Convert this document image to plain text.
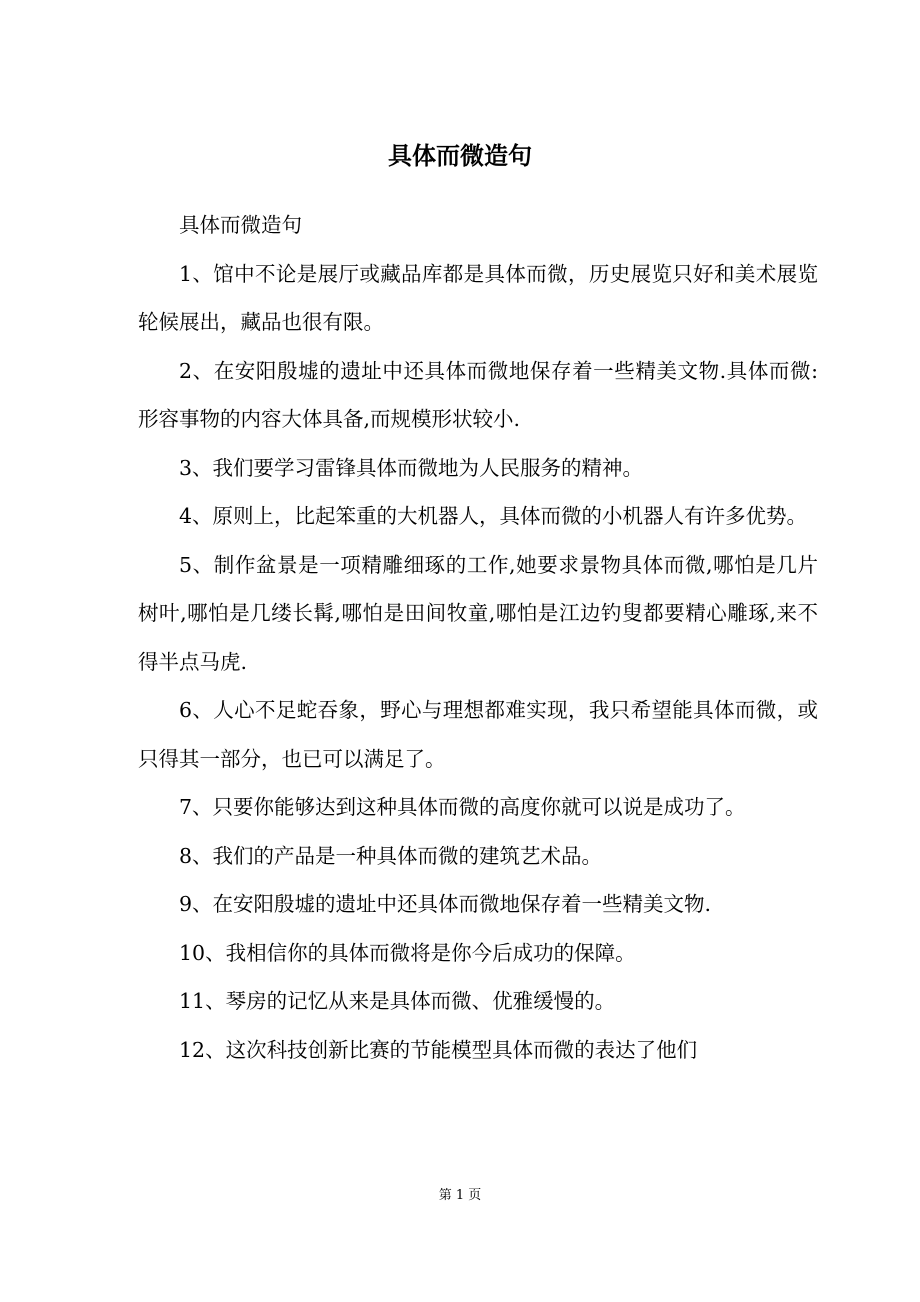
具体而微造句

具体而微造句

1、馆中不论是展厅或藏品库都是具体而微，历史展览只好和美术展览轮候展出，藏品也很有限。

2、在安阳殷墟的遗址中还具体而微地保存着一些精美文物.具体而微:形容事物的内容大体具备,而规模形状较小.

3、我们要学习雷锋具体而微地为人民服务的精神。

4、原则上，比起笨重的大机器人，具体而微的小机器人有许多优势。

5、制作盆景是一项精雕细琢的工作,她要求景物具体而微,哪怕是几片树叶,哪怕是几缕长髯,哪怕是田间牧童,哪怕是江边钓叟都要精心雕琢,来不得半点马虎.

6、人心不足蛇吞象，野心与理想都难实现，我只希望能具体而微，或只得其一部分，也已可以满足了。

7、只要你能够达到这种具体而微的高度你就可以说是成功了。

8、我们的产品是一种具体而微的建筑艺术品。

9、在安阳殷墟的遗址中还具体而微地保存着一些精美文物.

10、我相信你的具体而微将是你今后成功的保障。

11、琴房的记忆从来是具体而微、优雅缓慢的。

12、这次科技创新比赛的节能模型具体而微的表达了他们

第 1 页
